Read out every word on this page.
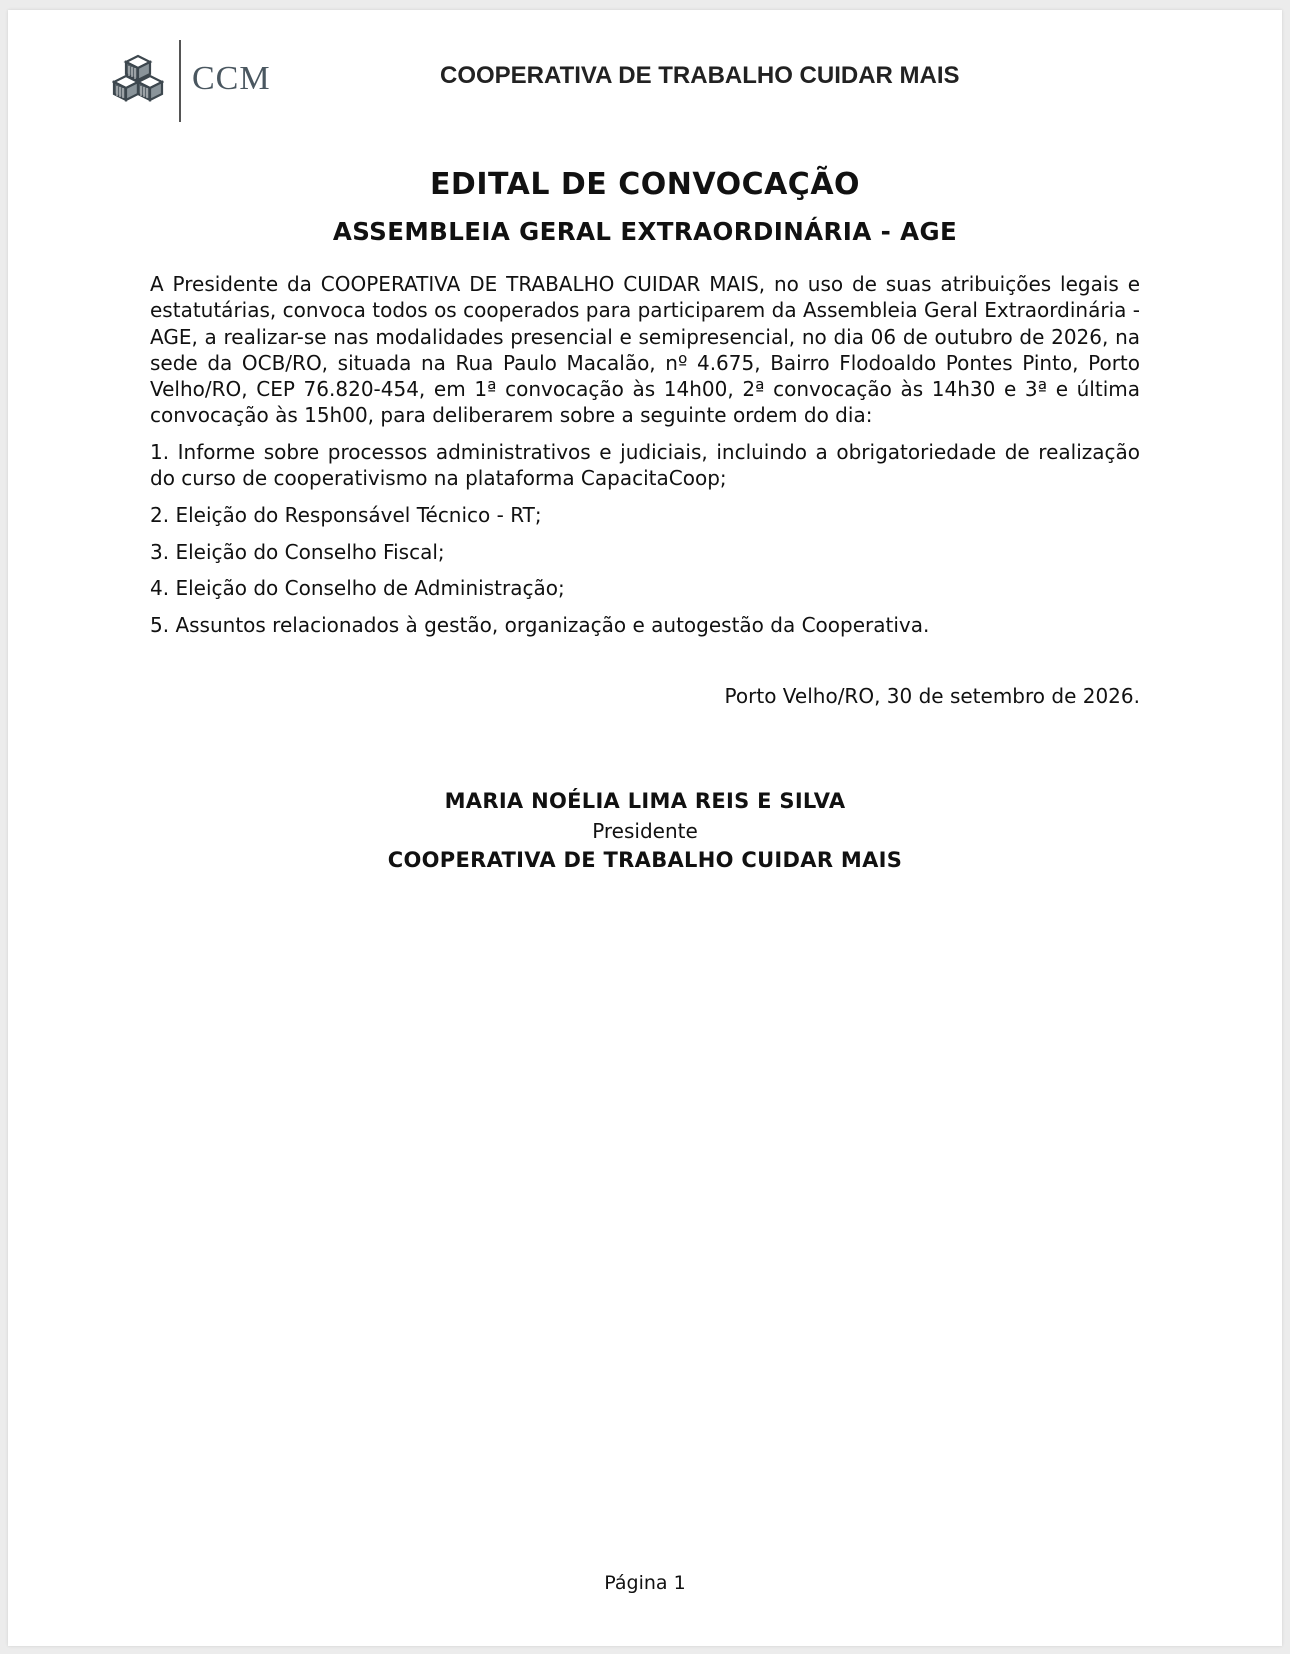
CCM	COOPERATIVA DE TRABALHO CUIDAR MAIS
EDITAL DE CONVOCAÇÃO
ASSEMBLEIA GERAL EXTRAORDINÁRIA - AGE

A Presidente da COOPERATIVA DE TRABALHO CUIDAR MAIS, no uso de suas atribuições legais e estatutárias, convoca todos os cooperados para participarem da Assembleia Geral Extraordinária - AGE, a realizar-se nas modalidades presencial e semipresencial, no dia 06 de outubro de 2026, na sede da OCB/RO, situada na Rua Paulo Macalão, nº 4.675, Bairro Flodoaldo Pontes Pinto, Porto Velho/RO, CEP 76.820-454, em 1ª convocação às 14h00, 2ª convocação às 14h30 e 3ª e última convocação às 15h00, para deliberarem sobre a seguinte ordem do dia:

1. Informe sobre processos administrativos e judiciais, incluindo a obrigatoriedade de realização do curso de cooperativismo na plataforma CapacitaCoop;
2. Eleição do Responsável Técnico - RT;
3. Eleição do Conselho Fiscal;
4. Eleição do Conselho de Administração;
5. Assuntos relacionados à gestão, organização e autogestão da Cooperativa.
Porto Velho/RO, 30 de setembro de 2026.
MARIA NOÉLIA LIMA REIS E SILVA
Presidente
COOPERATIVA DE TRABALHO CUIDAR MAIS
Página 1
